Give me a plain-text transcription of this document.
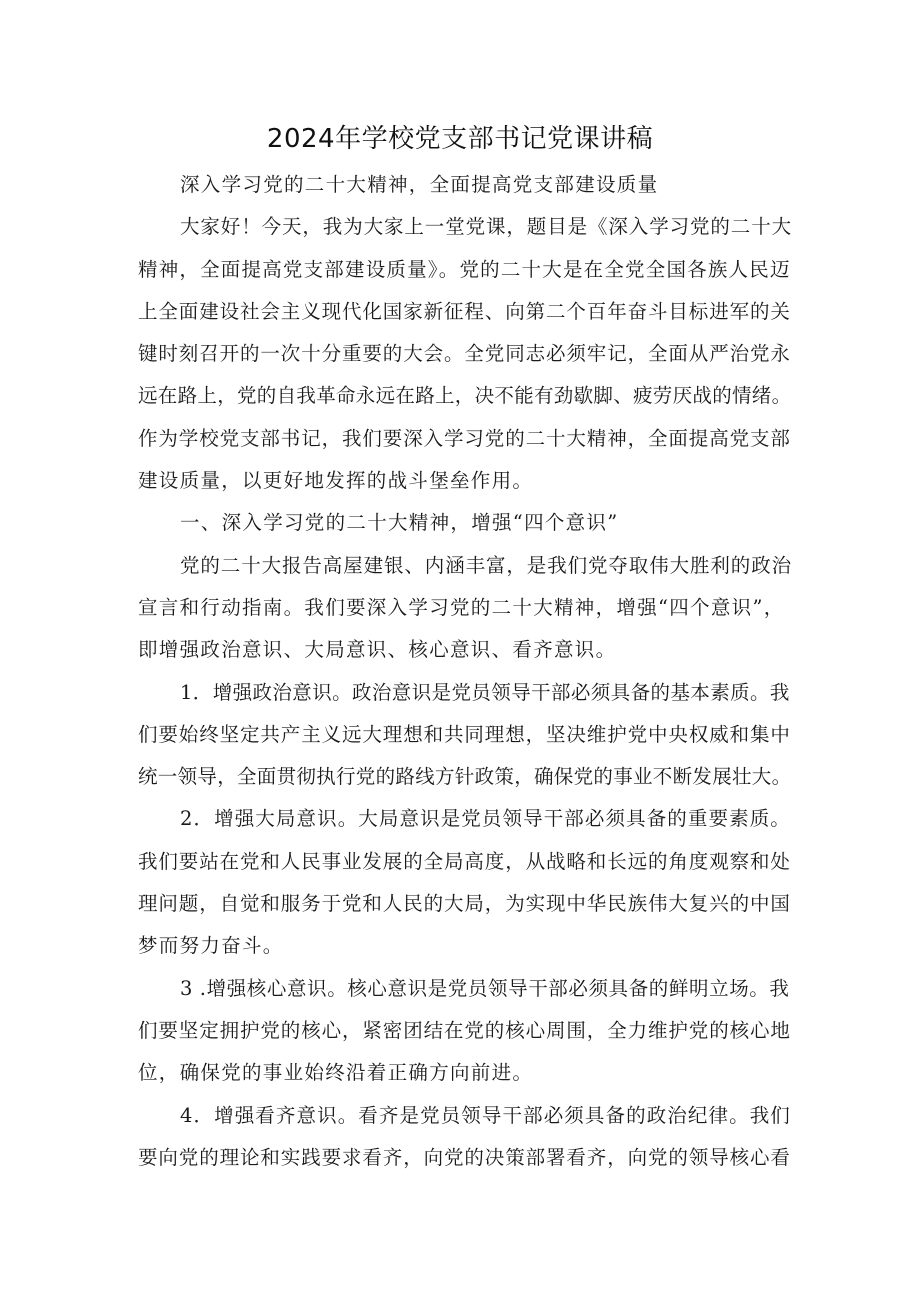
2024年学校党支部书记党课讲稿
深入学习党的二十大精神，全面提高党支部建设质量
大家好！今天，我为大家上一堂党课，题目是《深入学习党的二十大
精神，全面提高党支部建设质量》。党的二十大是在全党全国各族人民迈
上全面建设社会主义现代化国家新征程、向第二个百年奋斗目标进军的关
键时刻召开的一次十分重要的大会。全党同志必须牢记，全面从严治党永
远在路上，党的自我革命永远在路上，决不能有劲歇脚、疲劳厌战的情绪。
作为学校党支部书记，我们要深入学习党的二十大精神，全面提高党支部
建设质量，以更好地发挥的战斗堡垒作用。
一、深入学习党的二十大精神，增强“四个意识”
党的二十大报告高屋建银、内涵丰富，是我们党夺取伟大胜利的政治
宣言和行动指南。我们要深入学习党的二十大精神，增强“四个意识”，
即增强政治意识、大局意识、核心意识、看齐意识。
1．增强政治意识。政治意识是党员领导干部必须具备的基本素质。我
们要始终坚定共产主义远大理想和共同理想，坚决维护党中央权威和集中
统一领导，全面贯彻执行党的路线方针政策，确保党的事业不断发展壮大。
2．增强大局意识。大局意识是党员领导干部必须具备的重要素质。
我们要站在党和人民事业发展的全局高度，从战略和长远的角度观察和处
理问题，自觉和服务于党和人民的大局，为实现中华民族伟大复兴的中国
梦而努力奋斗。
3 .增强核心意识。核心意识是党员领导干部必须具备的鲜明立场。我
们要坚定拥护党的核心，紧密团结在党的核心周围，全力维护党的核心地
位，确保党的事业始终沿着正确方向前进。
4．增强看齐意识。看齐是党员领导干部必须具备的政治纪律。我们
要向党的理论和实践要求看齐，向党的决策部署看齐，向党的领导核心看
